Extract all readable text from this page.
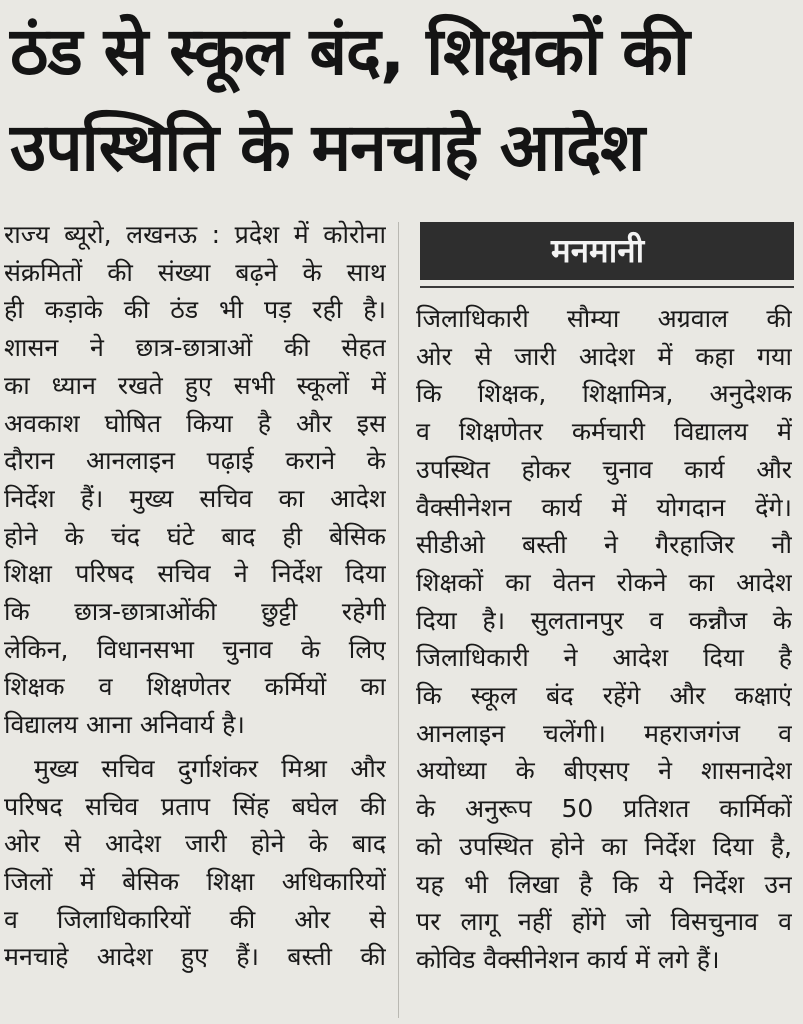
ठंड से स्कूल बंद, शिक्षकों की
उपस्थिति के मनचाहे आदेश
राज्य ब्यूरो, लखनऊ : प्रदेश में कोरोना
संक्रमितों की संख्या बढ़ने के साथ
ही कड़ाके की ठंड भी पड़ रही है।
शासन ने छात्र-छात्राओं की सेहत
का ध्यान रखते हुए सभी स्कूलों में
अवकाश घोषित किया है और इस
दौरान आनलाइन पढ़ाई कराने के
निर्देश हैं। मुख्य सचिव का आदेश
होने के चंद घंटे बाद ही बेसिक
शिक्षा परिषद सचिव ने निर्देश दिया
कि छात्र-छात्राओंकी छुट्टी रहेगी
लेकिन, विधानसभा चुनाव के लिए
शिक्षक व शिक्षणेतर कर्मियों का
विद्यालय आना अनिवार्य है।
मुख्य सचिव दुर्गाशंकर मिश्रा और
परिषद सचिव प्रताप सिंह बघेल की
ओर से आदेश जारी होने के बाद
जिलों में बेसिक शिक्षा अधिकारियों
व जिलाधिकारियों की ओर से
मनचाहे आदेश हुए हैं। बस्ती की
मनमानी
जिलाधिकारी सौम्या अग्रवाल की
ओर से जारी आदेश में कहा गया
कि शिक्षक, शिक्षामित्र, अनुदेशक
व शिक्षणेतर कर्मचारी विद्यालय में
उपस्थित होकर चुनाव कार्य और
वैक्सीनेशन कार्य में योगदान देंगे।
सीडीओ बस्ती ने गैरहाजिर नौ
शिक्षकों का वेतन रोकने का आदेश
दिया है। सुलतानपुर व कन्नौज के
जिलाधिकारी ने आदेश दिया है
कि स्कूल बंद रहेंगे और कक्षाएं
आनलाइन चलेंगी। महराजगंज व
अयोध्या के बीएसए ने शासनादेश
के अनुरूप 50 प्रतिशत कार्मिकों
को उपस्थित होने का निर्देश दिया है,
यह भी लिखा है कि ये निर्देश उन
पर लागू नहीं होंगे जो विसचुनाव व
कोविड वैक्सीनेशन कार्य में लगे हैं।
